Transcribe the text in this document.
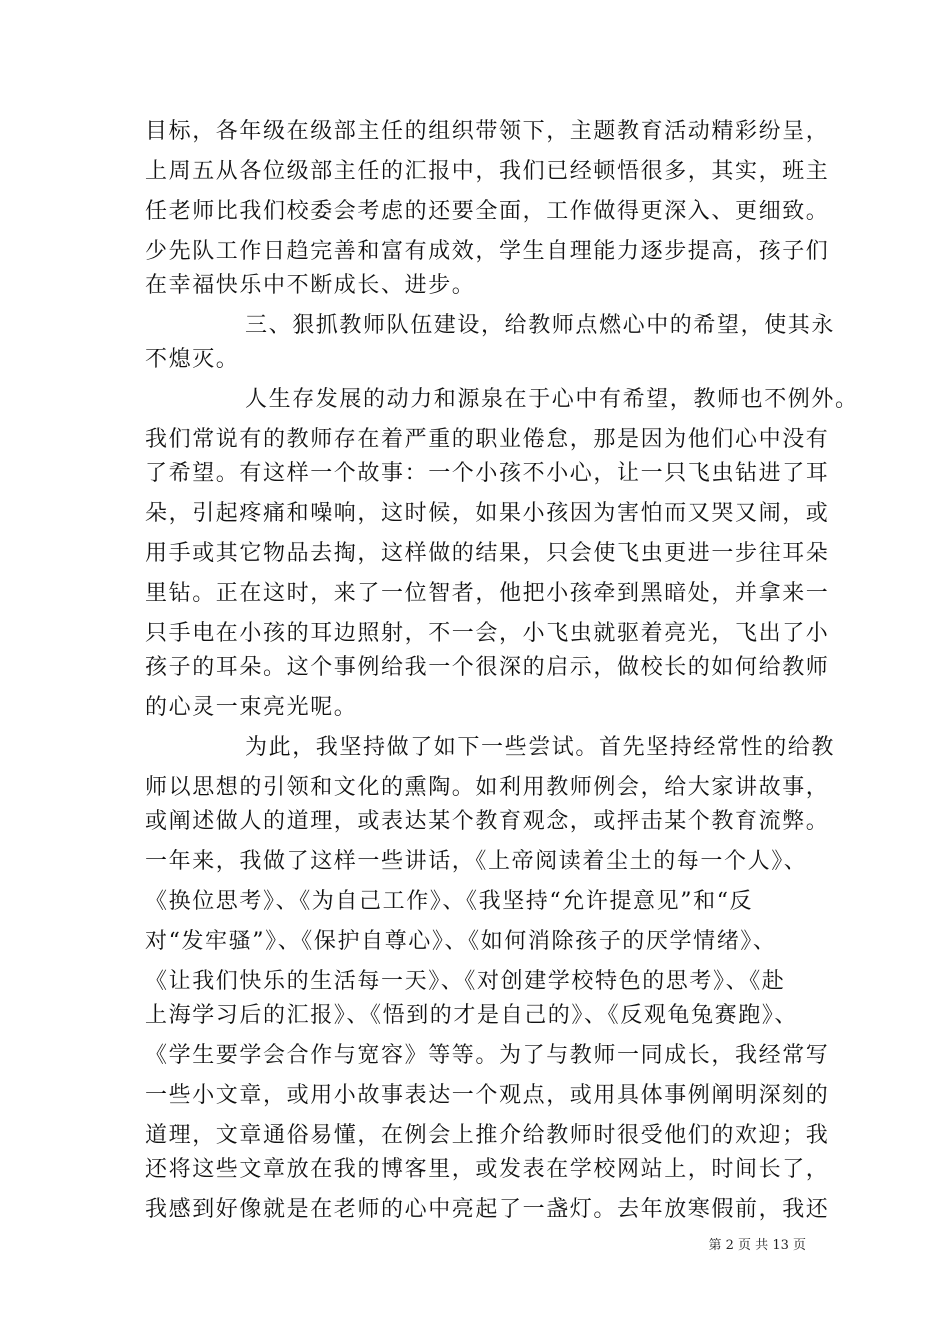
目标，各年级在级部主任的组织带领下，主题教育活动精彩纷呈，
上周五从各位级部主任的汇报中，我们已经顿悟很多，其实，班主
任老师比我们校委会考虑的还要全面，工作做得更深入、更细致。
少先队工作日趋完善和富有成效，学生自理能力逐步提高，孩子们
在幸福快乐中不断成长、进步。
三、狠抓教师队伍建设，给教师点燃心中的希望，使其永
不熄灭。
人生存发展的动力和源泉在于心中有希望，教师也不例外。
我们常说有的教师存在着严重的职业倦怠，那是因为他们心中没有
了希望。有这样一个故事：一个小孩不小心，让一只飞虫钻进了耳
朵，引起疼痛和噪响，这时候，如果小孩因为害怕而又哭又闹，或
用手或其它物品去掏，这样做的结果，只会使飞虫更进一步往耳朵
里钻。正在这时，来了一位智者，他把小孩牵到黑暗处，并拿来一
只手电在小孩的耳边照射，不一会，小飞虫就驱着亮光，飞出了小
孩子的耳朵。这个事例给我一个很深的启示，做校长的如何给教师
的心灵一束亮光呢。
为此，我坚持做了如下一些尝试。首先坚持经常性的给教
师以思想的引领和文化的熏陶。如利用教师例会，给大家讲故事，
或阐述做人的道理，或表达某个教育观念，或抨击某个教育流弊。
一年来，我做了这样一些讲话，《上帝阅读着尘土的每一个人》、
《换位思考》、《为自己工作》、《我坚持“允许提意见”和“反
对“发牢骚”》、《保护自尊心》、《如何消除孩子的厌学情绪》、
《让我们快乐的生活每一天》、《对创建学校特色的思考》、《赴
上海学习后的汇报》、《悟到的才是自己的》、《反观龟兔赛跑》、
《学生要学会合作与宽容》等等。为了与教师一同成长，我经常写
一些小文章，或用小故事表达一个观点，或用具体事例阐明深刻的
道理，文章通俗易懂，在例会上推介给教师时很受他们的欢迎；我
还将这些文章放在我的博客里，或发表在学校网站上，时间长了，
我感到好像就是在老师的心中亮起了一盏灯。去年放寒假前，我还
第 2 页 共 13 页
